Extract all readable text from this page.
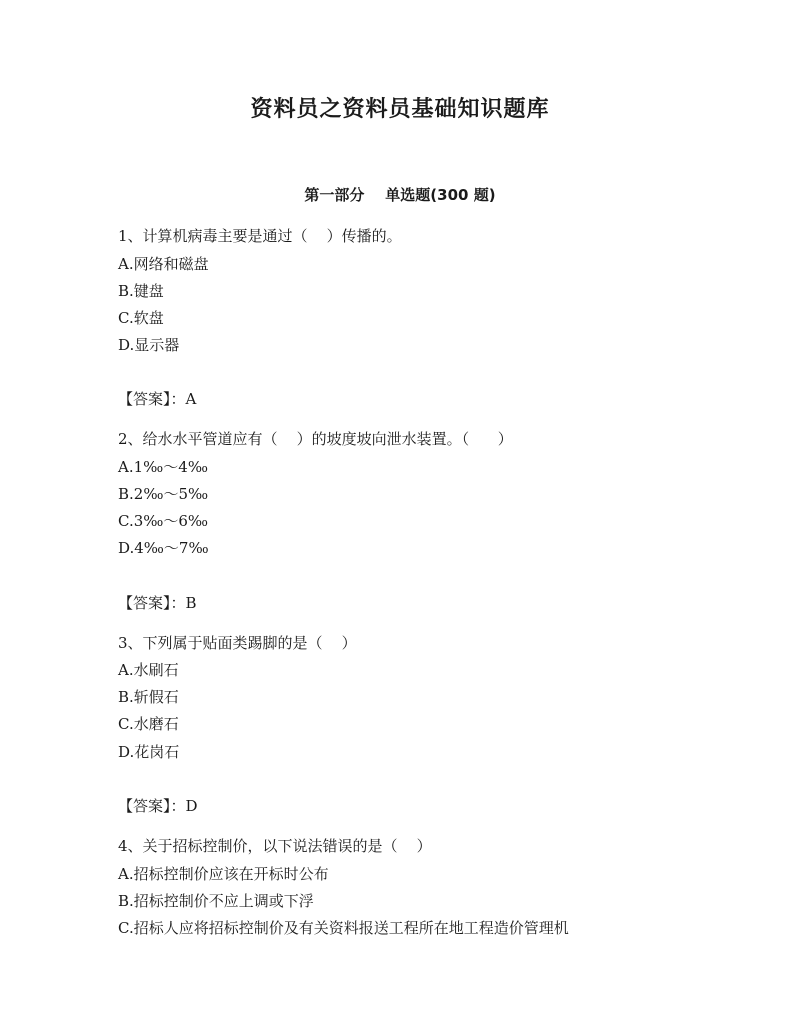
资料员之资料员基础知识题库
第一部分    单选题(300 题)
1、计算机病毒主要是通过（    ）传播的。
A.网络和磁盘
B.键盘
C.软盘
D.显示器
【答案】：A
2、给水水平管道应有（    ）的坡度坡向泄水装置。（      ）
A.1‰～4‰
B.2‰～5‰
C.3‰～6‰
D.4‰～7‰
【答案】：B
3、下列属于贴面类踢脚的是（    ）
A.水刷石
B.斩假石
C.水磨石
D.花岗石
【答案】：D
4、关于招标控制价，以下说法错误的是（    ）
A.招标控制价应该在开标时公布
B.招标控制价不应上调或下浮
C.招标人应将招标控制价及有关资料报送工程所在地工程造价管理机
